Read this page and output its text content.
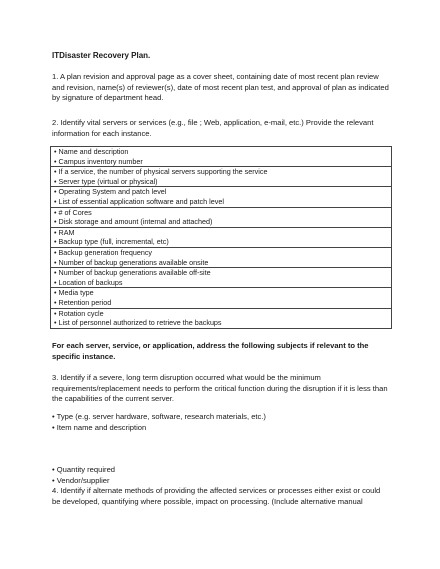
ITDisaster Recovery Plan.

1. A plan revision and approval page as a cover sheet, containing date of most recent plan review
and revision, name(s) of reviewer(s), date of most recent plan test, and approval of plan as indicated
by signature of department head.

2. Identify vital servers or services (e.g., file ; Web, application, e-mail, etc.) Provide the relevant
information for each instance.

• Name and description
• Campus inventory number

• If a service, the number of physical servers supporting the service
• Server type (virtual or physical)

• Operating System and patch level
• List of essential application software and patch level

• # of Cores
• Disk storage and amount (internal and attached)

• RAM
• Backup type (full, incremental, etc)

• Backup generation frequency
• Number of backup generations available onsite

• Number of backup generations available off-site
• Location of backups

• Media type
• Retention period

• Rotation cycle
• List of personnel authorized to retrieve the backups

For each server, service, or application, address the following subjects if relevant to the
specific instance.

3. Identify if a severe, long term disruption occurred what would be the minimum
requirements/replacement needs to perform the critical function during the disruption if it is less than
the capabilities of the current server.

• Type (e.g. server hardware, software, research materials, etc.)
• Item name and description

• Quantity required
• Vendor/supplier
4. Identify if alternate methods of providing the affected services or processes either exist or could
be developed, quantifying where possible, impact on processing. (Include alternative manual
